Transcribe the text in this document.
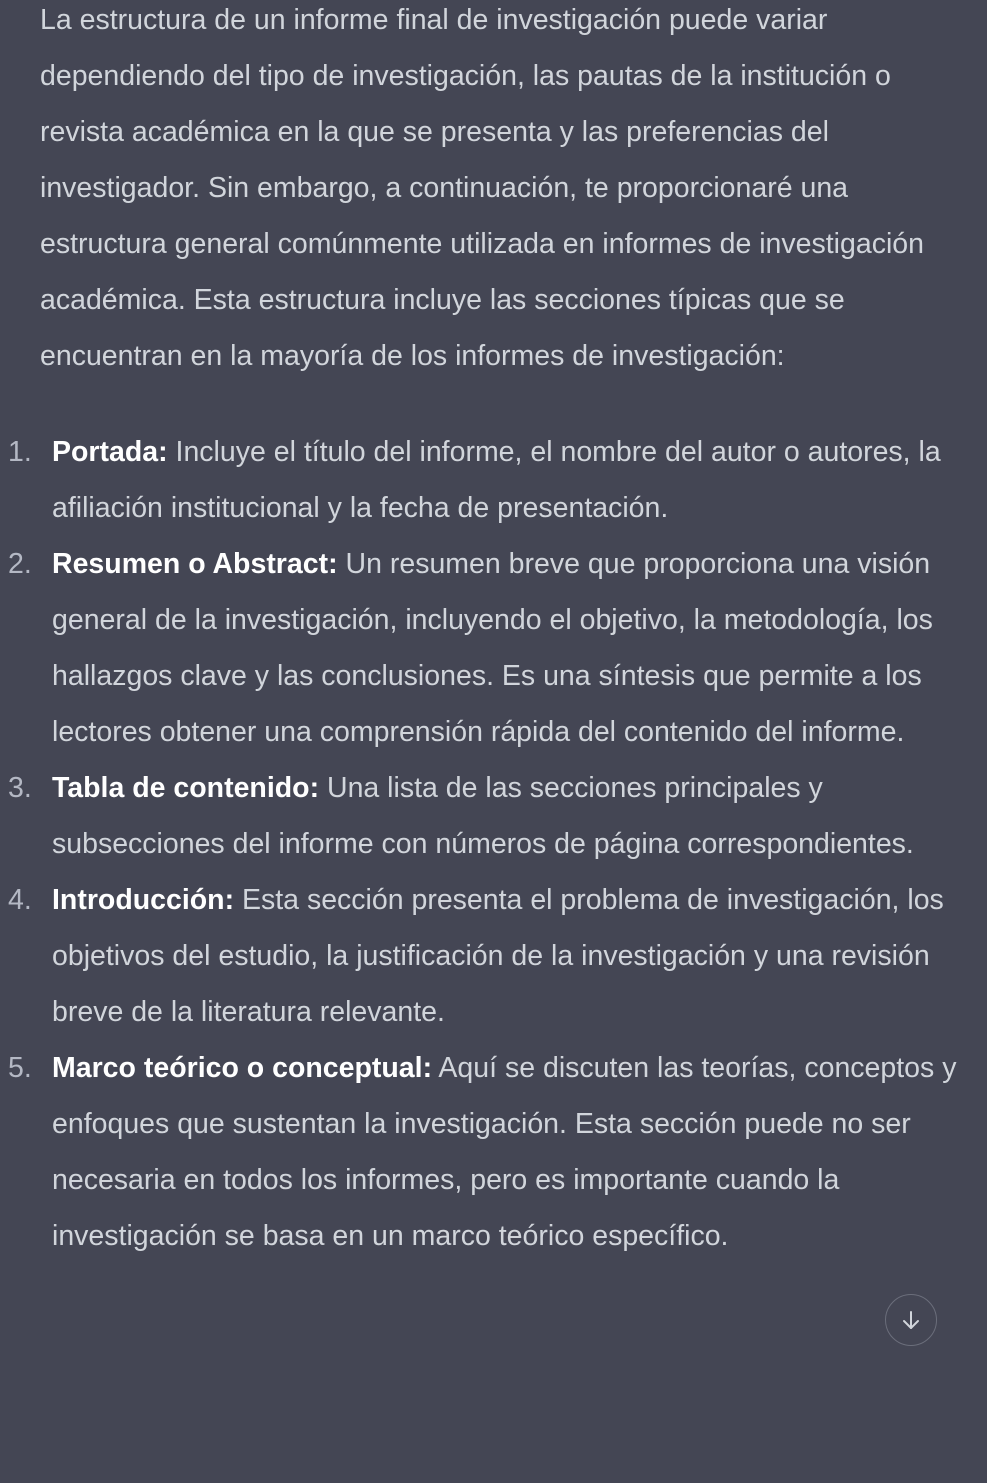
La estructura de un informe final de investigación puede variar dependiendo del tipo de investigación, las pautas de la institución o revista académica en la que se presenta y las preferencias del investigador. Sin embargo, a continuación, te proporcionaré una estructura general comúnmente utilizada en informes de investigación académica. Esta estructura incluye las secciones típicas que se encuentran en la mayoría de los informes de investigación:

1. Portada: Incluye el título del informe, el nombre del autor o autores, la afiliación institucional y la fecha de presentación.
2. Resumen o Abstract: Un resumen breve que proporciona una visión general de la investigación, incluyendo el objetivo, la metodología, los hallazgos clave y las conclusiones. Es una síntesis que permite a los lectores obtener una comprensión rápida del contenido del informe.
3. Tabla de contenido: Una lista de las secciones principales y subsecciones del informe con números de página correspondientes.
4. Introducción: Esta sección presenta el problema de investigación, los objetivos del estudio, la justificación de la investigación y una revisión breve de la literatura relevante.
5. Marco teórico o conceptual: Aquí se discuten las teorías, conceptos y enfoques que sustentan la investigación. Esta sección puede no ser necesaria en todos los informes, pero es importante cuando la investigación se basa en un marco teórico específico.
